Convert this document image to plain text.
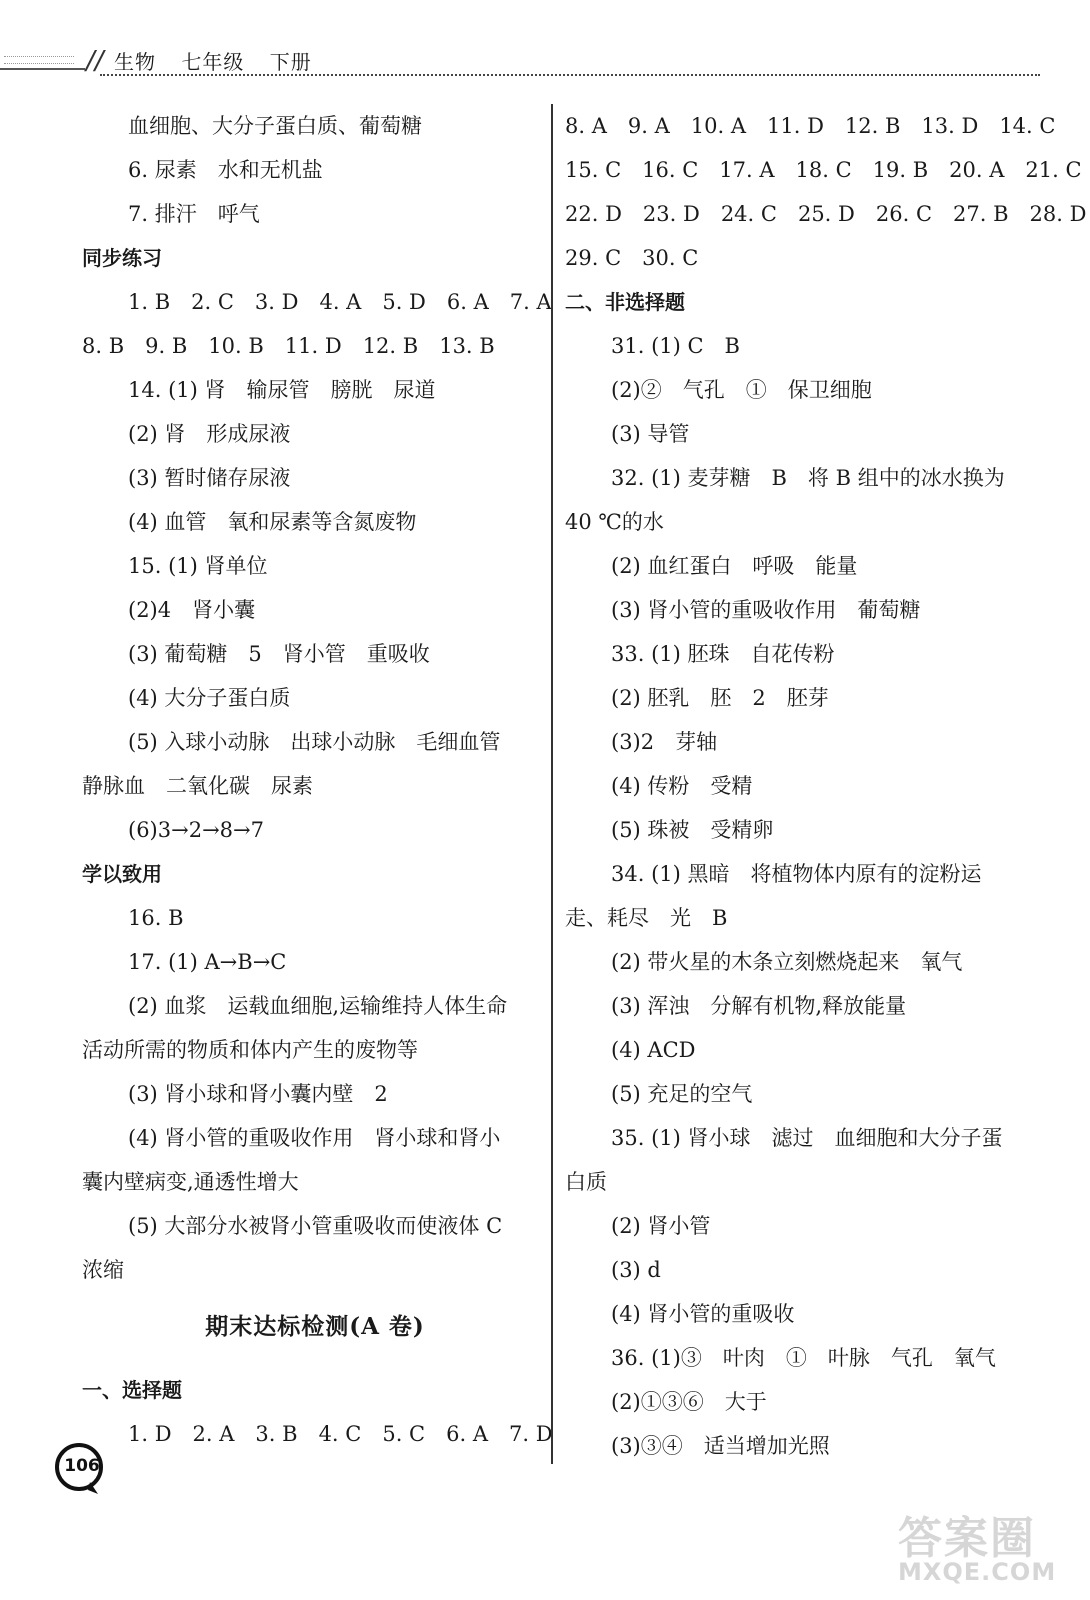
// 生物 七年级 下册
血细胞、大分子蛋白质、葡萄糖
6. 尿素　水和无机盐
7. 排汗　呼气
同步练习
1. B　2. C　3. D　4. A　5. D　6. A　7. A
8. B　9. B　10. B　11. D　12. B　13. B
14. (1) 肾　输尿管　膀胱　尿道
(2) 肾　形成尿液
(3) 暂时储存尿液
(4) 血管　氧和尿素等含氮废物
15. (1) 肾单位
(2)4　肾小囊
(3) 葡萄糖　5　肾小管　重吸收
(4) 大分子蛋白质
(5) 入球小动脉　出球小动脉　毛细血管
静脉血　二氧化碳　尿素
(6)3→2→8→7
学以致用
16. B
17. (1) A→B→C
(2) 血浆　运载血细胞,运输维持人体生命
活动所需的物质和体内产生的废物等
(3) 肾小球和肾小囊内壁　2
(4) 肾小管的重吸收作用　肾小球和肾小
囊内壁病变,通透性增大
(5) 大部分水被肾小管重吸收而使液体 C
浓缩
期末达标检测(A 卷)
一、选择题
1. D　2. A　3. B　4. C　5. C　6. A　7. D
8. A　9. A　10. A　11. D　12. B　13. D　14. C
15. C　16. C　17. A　18. C　19. B　20. A　21. C
22. D　23. D　24. C　25. D　26. C　27. B　28. D
29. C　30. C
二、非选择题
31. (1) C　B
(2)②　气孔　①　保卫细胞
(3) 导管
32. (1) 麦芽糖　B　将 B 组中的冰水换为
40 ℃的水
(2) 血红蛋白　呼吸　能量
(3) 肾小管的重吸收作用　葡萄糖
33. (1) 胚珠　自花传粉
(2) 胚乳　胚　2　胚芽
(3)2　芽轴
(4) 传粉　受精
(5) 珠被　受精卵
34. (1) 黑暗　将植物体内原有的淀粉运
走、耗尽　光　B
(2) 带火星的木条立刻燃烧起来　氧气
(3) 浑浊　分解有机物,释放能量
(4) ACD
(5) 充足的空气
35. (1) 肾小球　滤过　血细胞和大分子蛋
白质
(2) 肾小管
(3) d
(4) 肾小管的重吸收
36. (1)③　叶肉　①　叶脉　气孔　氧气
(2)①③⑥　大于
(3)③④　适当增加光照
106
答案圈
MXQE.COM
